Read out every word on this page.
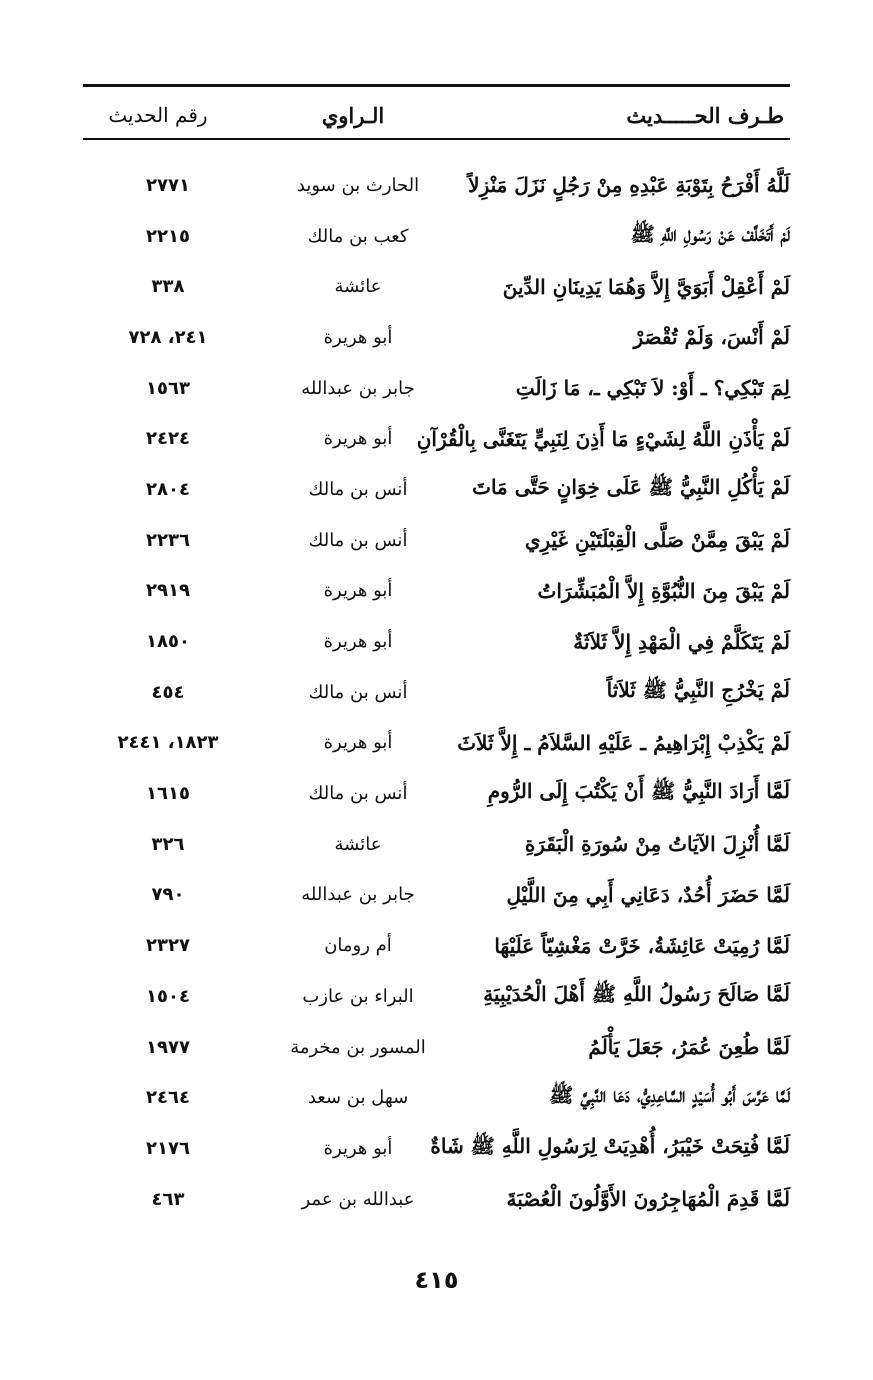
طـرف الحـــــديث
الـراوي
رقم الحديث
لَلَّهُ أَفْرَحُ بِتَوْبَةِ عَبْدِهِ مِنْ رَجُلٍ نَزَلَ مَنْزِلاً
الحارث بن سويد
٢٧٧١
لَمْ أَتَخَلَّفْ عَنْ رَسُولِ اللَّهِ ﷺ
كعب بن مالك
٢٢١٥
لَمْ أَعْقِلْ أَبَوَيَّ إِلاَّ وَهُمَا يَدِينَانِ الدِّينَ
عائشة
٣٣٨
لَمْ أَنْسَ، وَلَمْ تُقْصَرْ
أبو هريرة
٢٤١، ٧٢٨
لِمَ تَبْكِي؟ ـ أَوْ: لاَ تَبْكِي ـ، مَا زَالَتِ
جابر بن عبدالله
١٥٦٣
لَمْ يَأْذَنِ اللَّهُ لِشَيْءٍ مَا أَذِنَ لِنَبِيٍّ يَتَغَنَّى بِالْقُرْآنِ
أبو هريرة
٢٤٢٤
لَمْ يَأْكُلِ النَّبِيُّ ﷺ عَلَى خِوَانٍ حَتَّى مَاتَ
أنس بن مالك
٢٨٠٤
لَمْ يَبْقَ مِمَّنْ صَلَّى الْقِبْلَتَيْنِ غَيْرِي
أنس بن مالك
٢٢٣٦
لَمْ يَبْقَ مِنَ النُّبُوَّةِ إِلاَّ الْمُبَشِّرَاتُ
أبو هريرة
٢٩١٩
لَمْ يَتَكَلَّمْ فِي الْمَهْدِ إِلاَّ ثَلاَثَةٌ
أبو هريرة
١٨٥٠
لَمْ يَخْرُجِ النَّبِيُّ ﷺ ثَلاَثاً
أنس بن مالك
٤٥٤
لَمْ يَكْذِبْ إِبْرَاهِيمُ ـ عَلَيْهِ السَّلاَمُ ـ إِلاَّ ثَلاَثَ
أبو هريرة
١٨٢٣، ٢٤٤١
لَمَّا أَرَادَ النَّبِيُّ ﷺ أَنْ يَكْتُبَ إِلَى الرُّومِ
أنس بن مالك
١٦١٥
لَمَّا أُنْزِلَ الآيَاتُ مِنْ سُورَةِ الْبَقَرَةِ
عائشة
٣٢٦
لَمَّا حَضَرَ أُحُدٌ، دَعَانِي أَبِي مِنَ اللَّيْلِ
جابر بن عبدالله
٧٩٠
لَمَّا رُمِيَتْ عَائِشَةُ، خَرَّتْ مَغْشِيّاً عَلَيْهَا
أم رومان
٢٣٢٧
لَمَّا صَالَحَ رَسُولُ اللَّهِ ﷺ أَهْلَ الْحُدَيْبِيَةِ
البراء بن عازب
١٥٠٤
لَمَّا طُعِنَ عُمَرُ، جَعَلَ يَأْلَمُ
المسور بن مخرمة
١٩٧٧
لَمَّا عَرَّسَ أَبُو أُسَيْدٍ السَّاعِدِيُّ، دَعَا النَّبِيَّ ﷺ
سهل بن سعد
٢٤٦٤
لَمَّا فُتِحَتْ خَيْبَرُ، أُهْدِيَتْ لِرَسُولِ اللَّهِ ﷺ شَاةٌ
أبو هريرة
٢١٧٦
لَمَّا قَدِمَ الْمُهَاجِرُونَ الأَوَّلُونَ الْعُصْبَةَ
عبدالله بن عمر
٤٦٣
٤١٥
